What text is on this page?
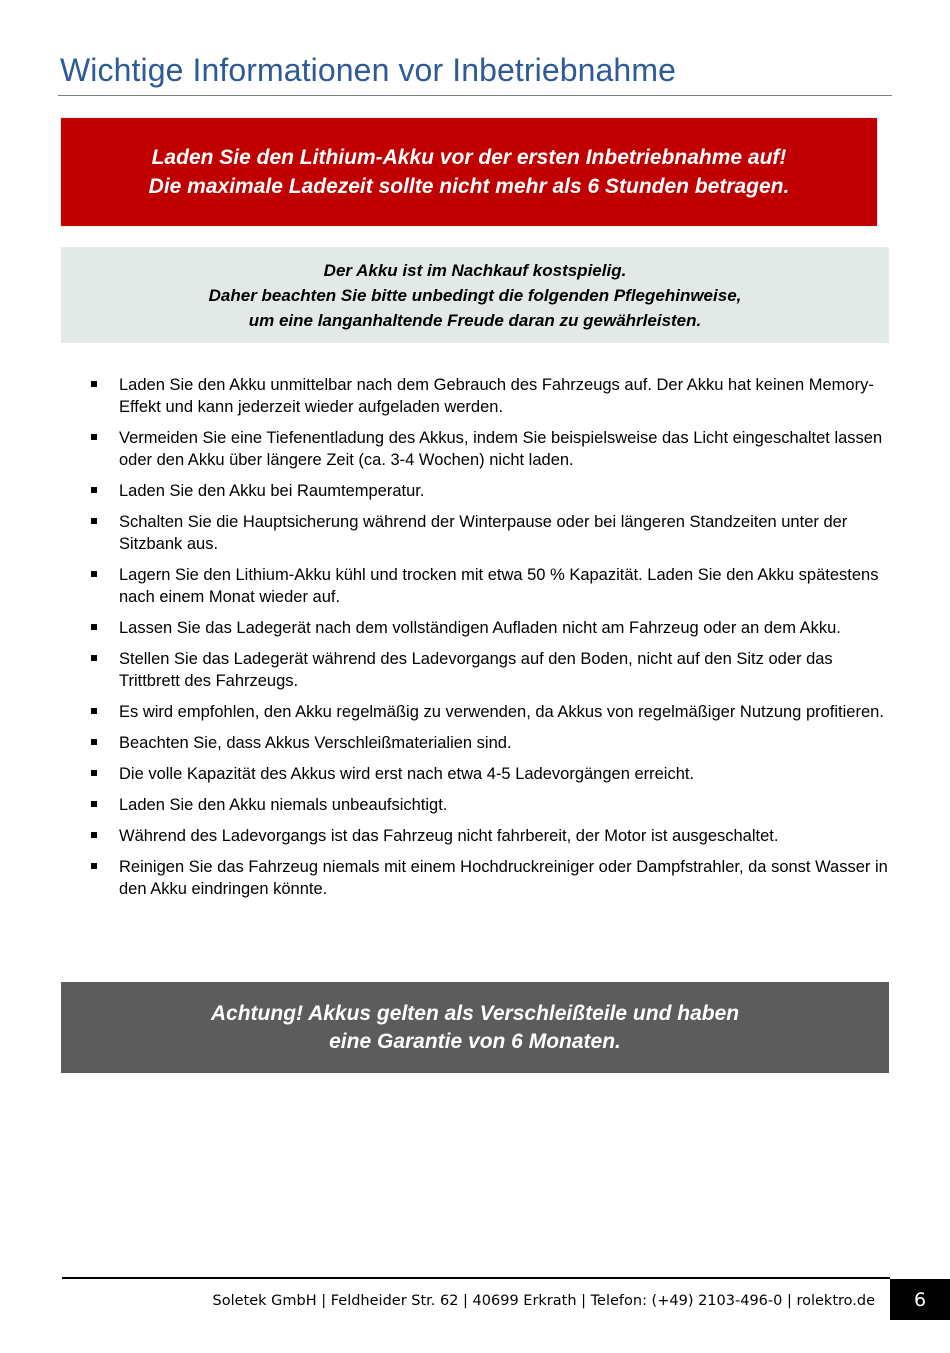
Wichtige Informationen vor Inbetriebnahme
Laden Sie den Lithium-Akku vor der ersten Inbetriebnahme auf!
Die maximale Ladezeit sollte nicht mehr als 6 Stunden betragen.
Der Akku ist im Nachkauf kostspielig.
Daher beachten Sie bitte unbedingt die folgenden Pflegehinweise,
um eine langanhaltende Freude daran zu gewährleisten.
Laden Sie den Akku unmittelbar nach dem Gebrauch des Fahrzeugs auf. Der Akku hat keinen Memory-Effekt und kann jederzeit wieder aufgeladen werden.
Vermeiden Sie eine Tiefenentladung des Akkus, indem Sie beispielsweise das Licht eingeschaltet lassen oder den Akku über längere Zeit (ca. 3-4 Wochen) nicht laden.
Laden Sie den Akku bei Raumtemperatur.
Schalten Sie die Hauptsicherung während der Winterpause oder bei längeren Standzeiten unter der Sitzbank aus.
Lagern Sie den Lithium-Akku kühl und trocken mit etwa 50 % Kapazität. Laden Sie den Akku spätestens nach einem Monat wieder auf.
Lassen Sie das Ladegerät nach dem vollständigen Aufladen nicht am Fahrzeug oder an dem Akku.
Stellen Sie das Ladegerät während des Ladevorgangs auf den Boden, nicht auf den Sitz oder das Trittbrett des Fahrzeugs.
Es wird empfohlen, den Akku regelmäßig zu verwenden, da Akkus von regelmäßiger Nutzung profitieren.
Beachten Sie, dass Akkus Verschleißmaterialien sind.
Die volle Kapazität des Akkus wird erst nach etwa 4-5 Ladevorgängen erreicht.
Laden Sie den Akku niemals unbeaufsichtigt.
Während des Ladevorgangs ist das Fahrzeug nicht fahrbereit, der Motor ist ausgeschaltet.
Reinigen Sie das Fahrzeug niemals mit einem Hochdruckreiniger oder Dampfstrahler, da sonst Wasser in den Akku eindringen könnte.
Achtung! Akkus gelten als Verschleißteile und haben
eine Garantie von 6 Monaten.
Soletek GmbH | Feldheider Str. 62 | 40699 Erkrath | Telefon: (+49) 2103-496-0 | rolektro.de	6
